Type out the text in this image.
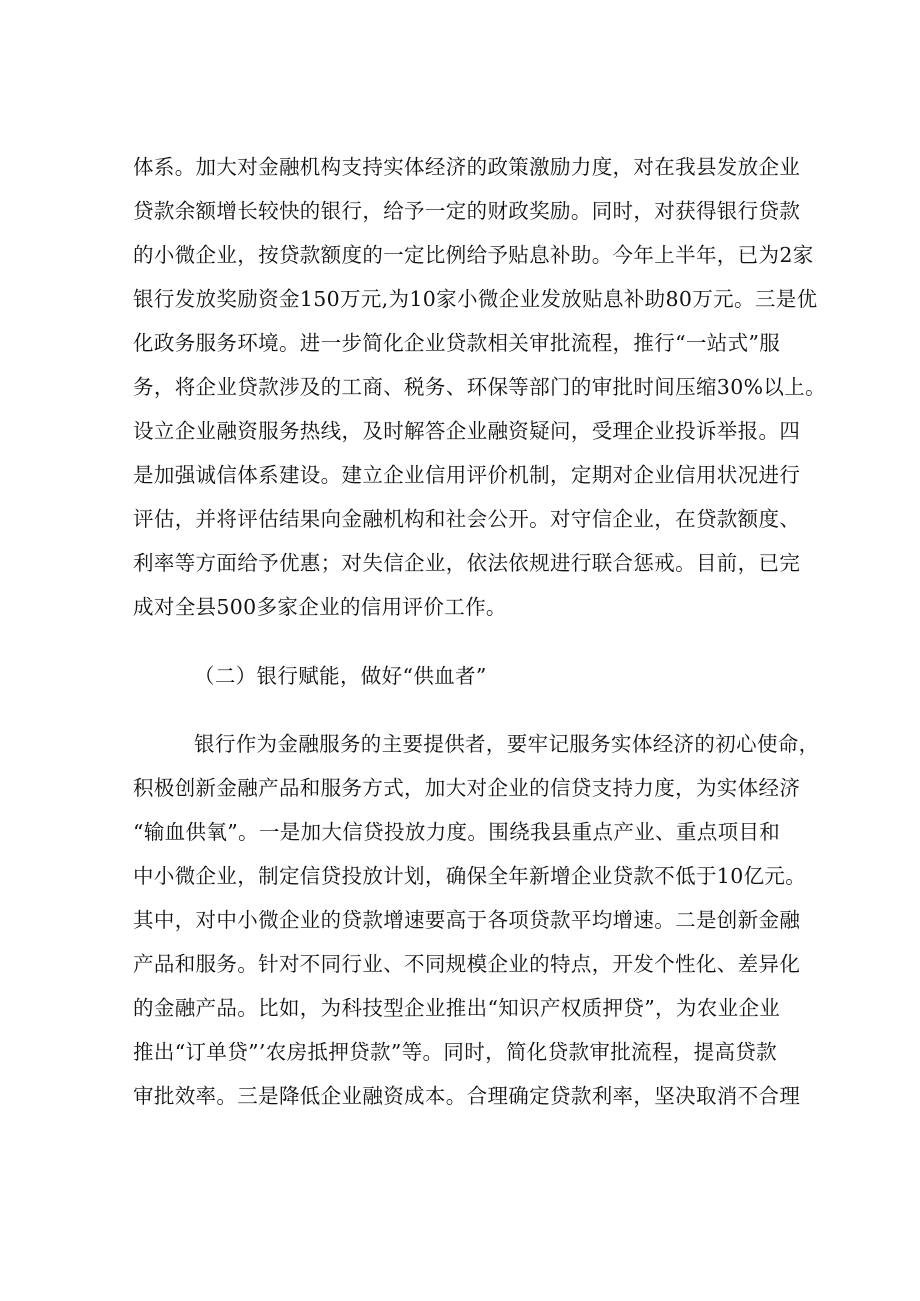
体系。加大对金融机构支持实体经济的政策激励力度，对在我县发放企业
贷款余额增长较快的银行，给予一定的财政奖励。同时，对获得银行贷款
的小微企业，按贷款额度的一定比例给予贴息补助。今年上半年，已为2家
银行发放奖励资金150万元,为10家小微企业发放贴息补助80万元。三是优
化政务服务环境。进一步简化企业贷款相关审批流程，推行“一站式”服
务，将企业贷款涉及的工商、税务、环保等部门的审批时间压缩30%以上。
设立企业融资服务热线，及时解答企业融资疑问，受理企业投诉举报。四
是加强诚信体系建设。建立企业信用评价机制，定期对企业信用状况进行
评估，并将评估结果向金融机构和社会公开。对守信企业，在贷款额度、
利率等方面给予优惠；对失信企业，依法依规进行联合惩戒。目前，已完
成对全县500多家企业的信用评价工作。
（二）银行赋能，做好“供血者”
银行作为金融服务的主要提供者，要牢记服务实体经济的初心使命，
积极创新金融产品和服务方式，加大对企业的信贷支持力度，为实体经济
“输血供氧”。一是加大信贷投放力度。围绕我县重点产业、重点项目和
中小微企业，制定信贷投放计划，确保全年新增企业贷款不低于10亿元。
其中，对中小微企业的贷款增速要高于各项贷款平均增速。二是创新金融
产品和服务。针对不同行业、不同规模企业的特点，开发个性化、差异化
的金融产品。比如，为科技型企业推出“知识产权质押贷”，为农业企业
推出“订单贷”’农房抵押贷款”等。同时，简化贷款审批流程，提高贷款
审批效率。三是降低企业融资成本。合理确定贷款利率，坚决取消不合理
